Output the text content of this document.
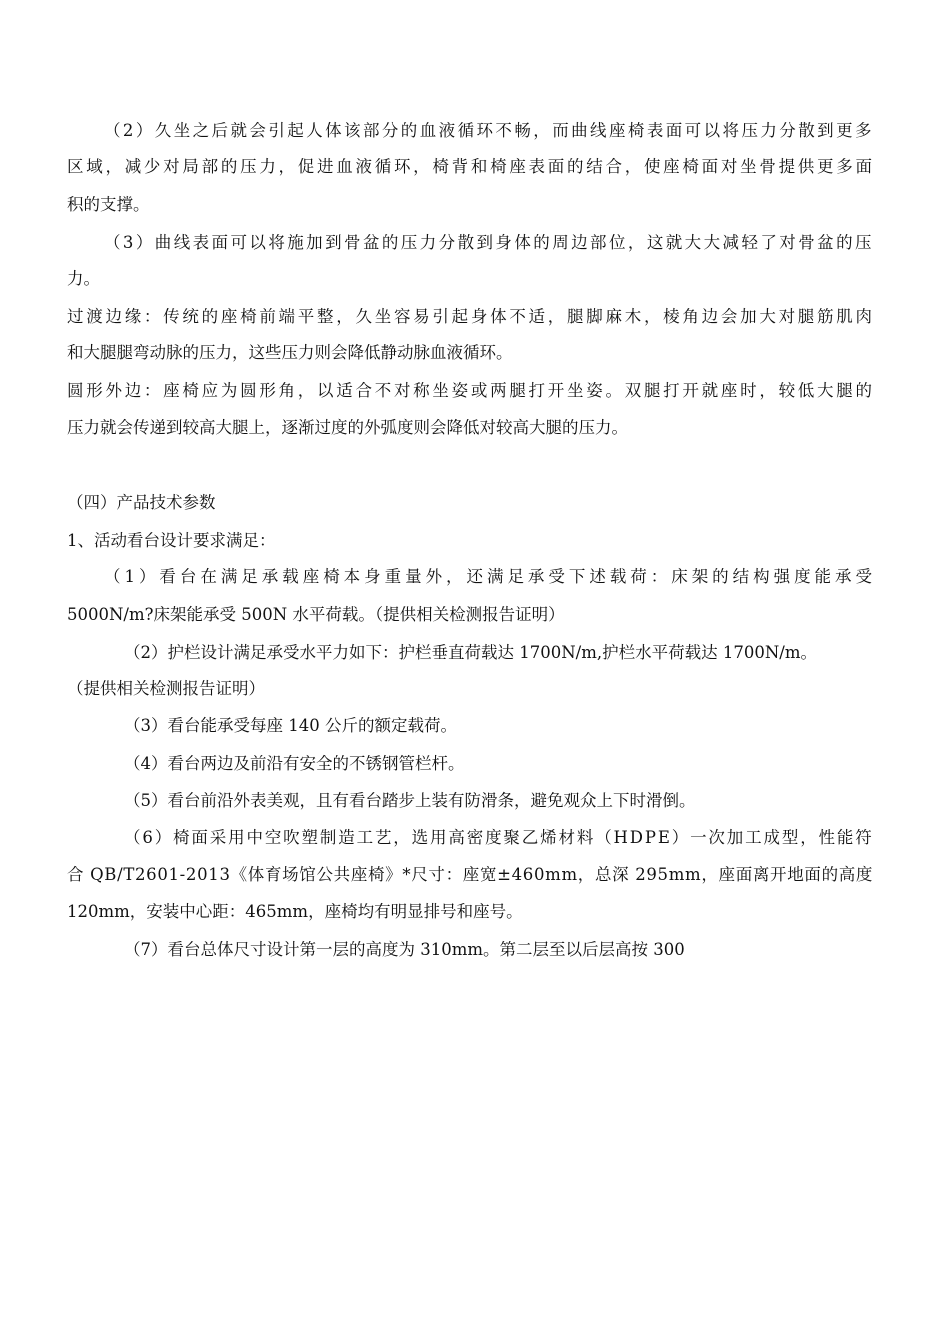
（2）久坐之后就会引起人体该部分的血液循环不畅，而曲线座椅表面可以将压力分散到更多
区域，减少对局部的压力，促进血液循环，椅背和椅座表面的结合，使座椅面对坐骨提供更多面
积的支撑。
（3）曲线表面可以将施加到骨盆的压力分散到身体的周边部位，这就大大减轻了对骨盆的压
力。
过渡边缘：传统的座椅前端平整，久坐容易引起身体不适，腿脚麻木，棱角边会加大对腿筋肌肉
和大腿腿弯动脉的压力，这些压力则会降低静动脉血液循环。
圆形外边：座椅应为圆形角，以适合不对称坐姿或两腿打开坐姿。双腿打开就座时，较低大腿的
压力就会传递到较高大腿上，逐渐过度的外弧度则会降低对较高大腿的压力。
（四）产品技术参数
1、活动看台设计要求满足：
（1）看台在满足承载座椅本身重量外，还满足承受下述载荷：床架的结构强度能承受
5000N/m?床架能承受 500N 水平荷载。（提供相关检测报告证明）
（2）护栏设计满足承受水平力如下：护栏垂直荷载达 1700N/m,护栏水平荷载达 1700N/m。
（提供相关检测报告证明）
（3）看台能承受每座 140 公斤的额定载荷。
（4）看台两边及前沿有安全的不锈钢管栏杆。
（5）看台前沿外表美观，且有看台踏步上装有防滑条，避免观众上下时滑倒。
（6）椅面采用中空吹塑制造工艺，选用高密度聚乙烯材料（HDPE）一次加工成型，性能符
合 QB/T2601-2013《体育场馆公共座椅》*尺寸：座宽±460mm，总深 295mm，座面离开地面的高度
120mm，安装中心距：465mm，座椅均有明显排号和座号。
（7）看台总体尺寸设计第一层的高度为 310mm。第二层至以后层高按 300
